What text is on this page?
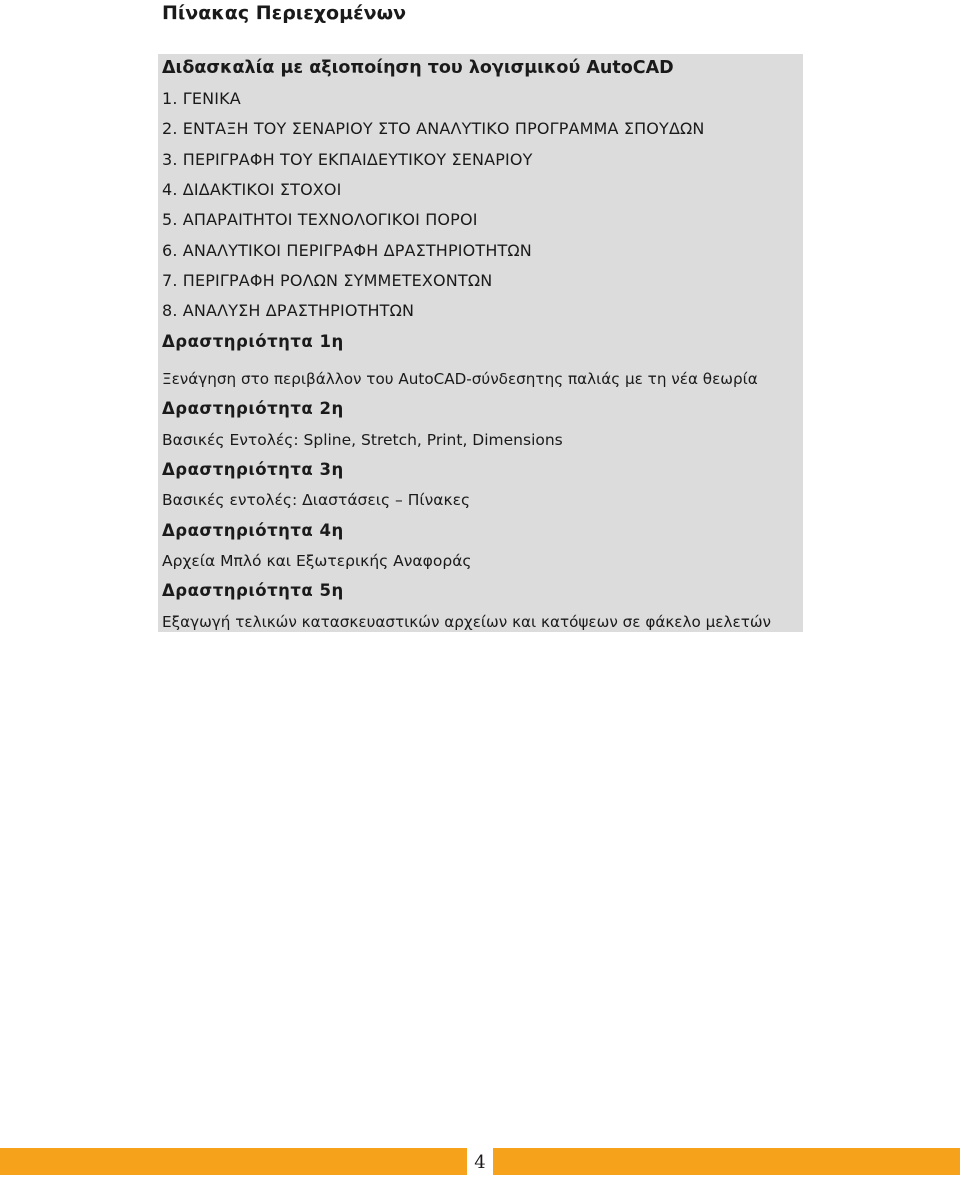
Πίνακας Περιεχομένων
Διδασκαλία με αξιοποίηση του λογισμικού AutoCAD
1. ΓΕΝΙΚΑ
2. ΕΝΤΑΞΗ ΤΟΥ ΣΕΝΑΡΙΟΥ ΣΤΟ ΑΝΑΛΥΤΙΚΟ ΠΡΟΓΡΑΜΜΑ ΣΠΟΥΔΩΝ
3. ΠΕΡΙΓΡΑΦΗ ΤΟΥ ΕΚΠΑΙΔΕΥΤΙΚΟΥ ΣΕΝΑΡΙΟΥ
4. ΔΙΔΑΚΤΙΚΟΙ ΣΤΟΧΟΙ
5. ΑΠΑΡΑΙΤΗΤΟΙ ΤΕΧΝΟΛΟΓΙΚΟΙ ΠΟΡΟΙ
6. ΑΝΑΛΥΤΙΚΟΙ ΠΕΡΙΓΡΑΦΗ ΔΡΑΣΤΗΡΙΟΤΗΤΩΝ
7. ΠΕΡΙΓΡΑΦΗ ΡΟΛΩΝ ΣΥΜΜΕΤΕΧΟΝΤΩΝ
8. ΑΝΑΛΥΣΗ ΔΡΑΣΤΗΡΙΟΤΗΤΩΝ
Δραστηριότητα 1η
Ξενάγηση στο περιβάλλον του AutoCAD-σύνδεσητης παλιάς με τη νέα θεωρία
Δραστηριότητα 2η
Βασικές Εντολές: Spline, Stretch, Print, Dimensions
Δραστηριότητα 3η
Βασικές εντολές: Διαστάσεις – Πίνακες
Δραστηριότητα 4η
Αρχεία Μπλό και Εξωτερικής Αναφοράς
Δραστηριότητα 5η
Εξαγωγή τελικών κατασκευαστικών αρχείων και κατόψεων σε φάκελο μελετών
4
